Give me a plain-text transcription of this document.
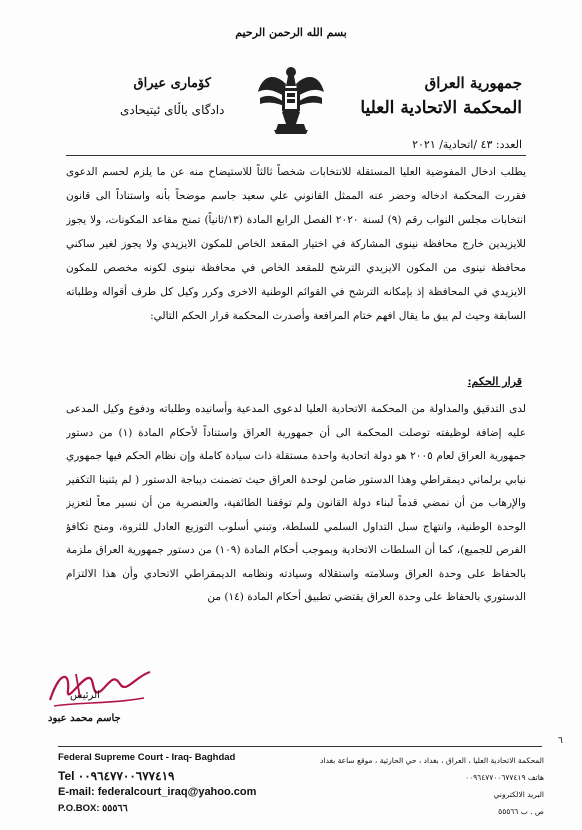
بسم الله الرحمن الرحيم
جمهورية العراق
المحكمة الاتحادية العليا
کۆماری عیراق
دادگای باڵای ئیتیحادی
العدد: ٤٣ /اتحادية/ ٢٠٢١
يطلب ادخال المفوضية العليا المستقلة للانتخابات شخصاً ثالثاً للاستيضاح منه عن ما يلزم لحسم الدعوى فقررت المحكمة ادخاله وحضر عنه الممثل القانوني علي سعيد جاسم موضحاً بأنه واستناداً الى قانون انتخابات مجلس النواب رقم (٩) لسنة ٢٠٢٠ الفصل الرابع المادة (١٣/ثانياً) تمنح مقاعد المكونات، ولا يجوز للايزيدين خارج محافظة نينوى المشاركة في اختيار المقعد الخاص للمكون الايزيدي ولا يجوز لغير ساكني محافظة نينوى من المكون الايزيدي الترشح للمقعد الخاص في محافظة نينوى لكونه مخصص للمكون الايزيدي في المحافظة إذ بإمكانه الترشح في القوائم الوطنية الاخرى وكرر وكيل كل طرف أقواله وطلباته السابقة وحيث لم يبق ما يقال افهم ختام المرافعة وأصدرت المحكمة قرار الحكم التالي:
قرار الحكم:
لدى التدقيق والمداولة من المحكمة الاتحادية العليا لدعوى المدعية وأسانيده وطلباته ودفوع وكيل المدعى عليه إضافة لوظيفته توصلت المحكمة الى أن جمهورية العراق واستناداً لأحكام المادة (١) من دستور جمهورية العراق لعام ٢٠٠٥ هو دولة اتحادية واحدة مستقلة ذات سيادة كاملة وإن نظام الحكم فيها جمهوري نيابي برلماني ديمقراطي وهذا الدستور ضامن لوحدة العراق حيث تضمنت ديباجة الدستور ( لم يثنينا التكفير والإرهاب من أن نمضي قدماً لبناء دولة القانون ولم توقفنا الطائفية، والعنصرية من أن نسير معاً لتعزيز الوحدة الوطنية، وانتهاج سبل التداول السلمي للسلطة، وتبني أسلوب التوزيع العادل للثروة، ومنح تكافؤ الفرص للجميع)، كما أن السلطات الاتحادية وبموجب أحكام المادة (١٠٩) من دستور جمهورية العراق ملزمة بالحفاظ على وحدة العراق وسلامته واستقلاله وسيادته ونظامه الديمقراطي الاتحادي وأن هذا الالتزام الدستوري بالحفاظ على وحدة العراق يقتضي تطبيق أحكام المادة (١٤) من
الرئيس
جاسم محمد عبود
٦
Federal Supreme Court - Iraq- Baghdad
Tel ٠٠٩٦٤٧٧٠٠٦٧٧٤١٩
E-mail: federalcourt_iraq@yahoo.com
P.O.BOX: ٥٥٥٦٦
المحكمة الاتحادية العليا ، العراق ، بغداد ، حي الحارثية ، موقع ساعة بغداد
هاتف ٠٠٩٦٤٧٧٠٠٦٧٧٤١٩
البريد الالكتروني
ص . ب ٥٥٥٦٦
